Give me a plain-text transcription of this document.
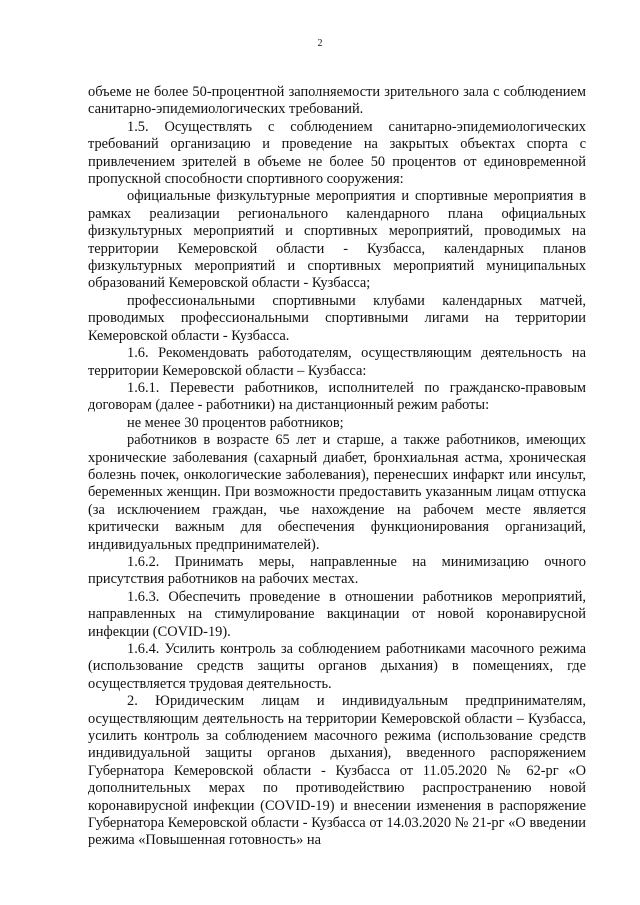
2

объеме не более 50-процентной заполняемости зрительного зала с соблюдением санитарно-эпидемиологических требований.

1.5. Осуществлять с соблюдением санитарно-эпидемиологических требований организацию и проведение на закрытых объектах спорта с привлечением зрителей в объеме не более 50 процентов от единовременной пропускной способности спортивного сооружения:

официальные физкультурные мероприятия и спортивные мероприятия в рамках реализации регионального календарного плана официальных физкультурных мероприятий и спортивных мероприятий, проводимых на территории Кемеровской области - Кузбасса, календарных планов физкультурных мероприятий и спортивных мероприятий муниципальных образований Кемеровской области - Кузбасса;

профессиональными спортивными клубами календарных матчей, проводимых профессиональными спортивными лигами на территории Кемеровской области - Кузбасса.

1.6. Рекомендовать работодателям, осуществляющим деятельность на территории Кемеровской области – Кузбасса:

1.6.1. Перевести работников, исполнителей по гражданско-правовым договорам (далее - работники) на дистанционный режим работы:

не менее 30 процентов работников;

работников в возрасте 65 лет и старше, а также работников, имеющих хронические заболевания (сахарный диабет, бронхиальная астма, хроническая болезнь почек, онкологические заболевания), перенесших инфаркт или инсульт, беременных женщин. При возможности предоставить указанным лицам отпуска (за исключением граждан, чье нахождение на рабочем месте является критически важным для обеспечения функционирования организаций, индивидуальных предпринимателей).

1.6.2. Принимать меры, направленные на минимизацию очного присутствия работников на рабочих местах.

1.6.3. Обеспечить проведение в отношении работников мероприятий, направленных на стимулирование вакцинации от новой коронавирусной инфекции (COVID-19).

1.6.4. Усилить контроль за соблюдением работниками масочного режима (использование средств защиты органов дыхания) в помещениях, где осуществляется трудовая деятельность.

2. Юридическим лицам и индивидуальным предпринимателям, осуществляющим деятельность на территории Кемеровской области – Кузбасса, усилить контроль за соблюдением масочного режима (использование средств индивидуальной защиты органов дыхания), введенного распоряжением Губернатора Кемеровской области - Кузбасса от 11.05.2020 № 62-рг «О дополнительных мерах по противодействию распространению новой коронавирусной инфекции (COVID-19) и внесении изменения в распоряжение Губернатора Кемеровской области - Кузбасса от 14.03.2020 № 21-рг «О введении режима «Повышенная готовность» на
